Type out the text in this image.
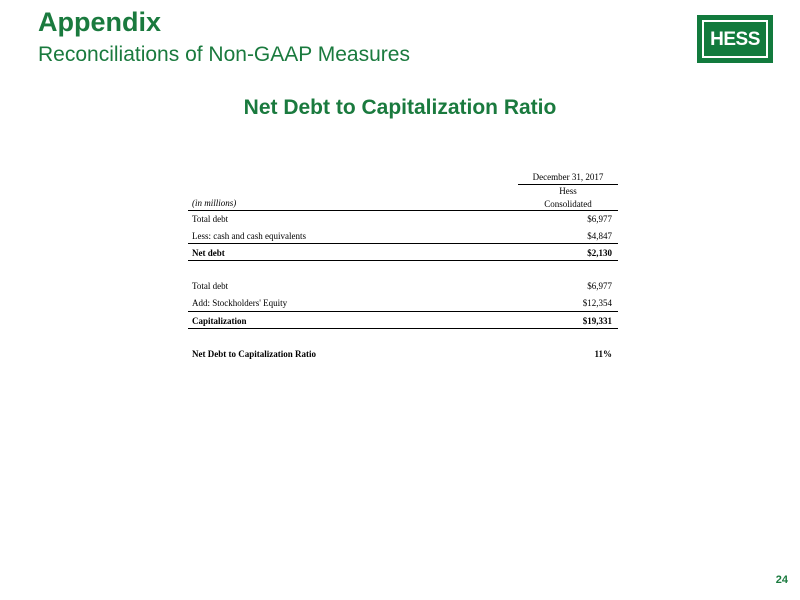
Appendix
Reconciliations of Non-GAAP Measures
HESS
Net Debt to Capitalization Ratio
December 31, 2017
Hess
Consolidated
(in millions)
Total debt	$6,977
Less: cash and cash equivalents	$4,847
Net debt	$2,130
Total debt	$6,977
Add: Stockholders' Equity	$12,354
Capitalization	$19,331
Net Debt to Capitalization Ratio	11%
24
